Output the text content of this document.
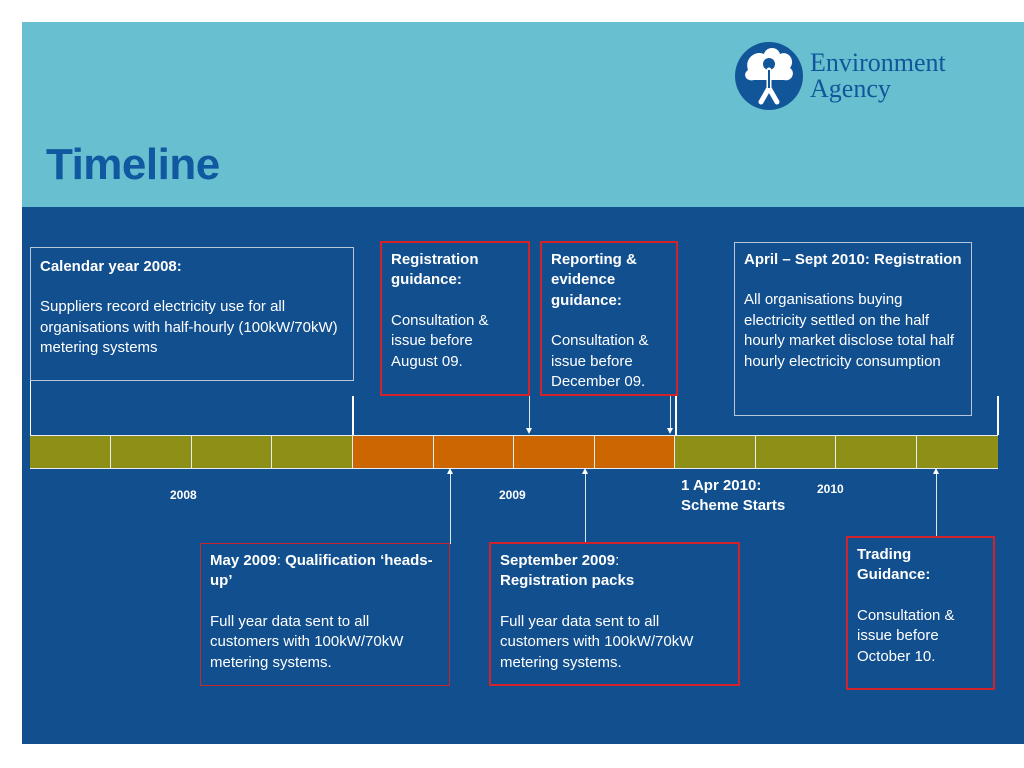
Timeline
Environment
Agency

Calendar year 2008:

Suppliers record electricity use for all organisations with half-hourly (100kW/70kW) metering systems

Registration guidance:

Consultation & issue before August 09.

Reporting & evidence guidance:

Consultation & issue before December 09.

April – Sept 2010: Registration

All organisations buying electricity settled on the half hourly market disclose total half hourly electricity consumption

2008	2009	2010
1 Apr 2010:
Scheme Starts

May 2009: Qualification ‘heads-up’

Full year data sent to all customers with 100kW/70kW metering systems.

September 2009:
Registration packs

Full year data sent to all customers with 100kW/70kW metering systems.

Trading Guidance:

Consultation & issue before October 10.
